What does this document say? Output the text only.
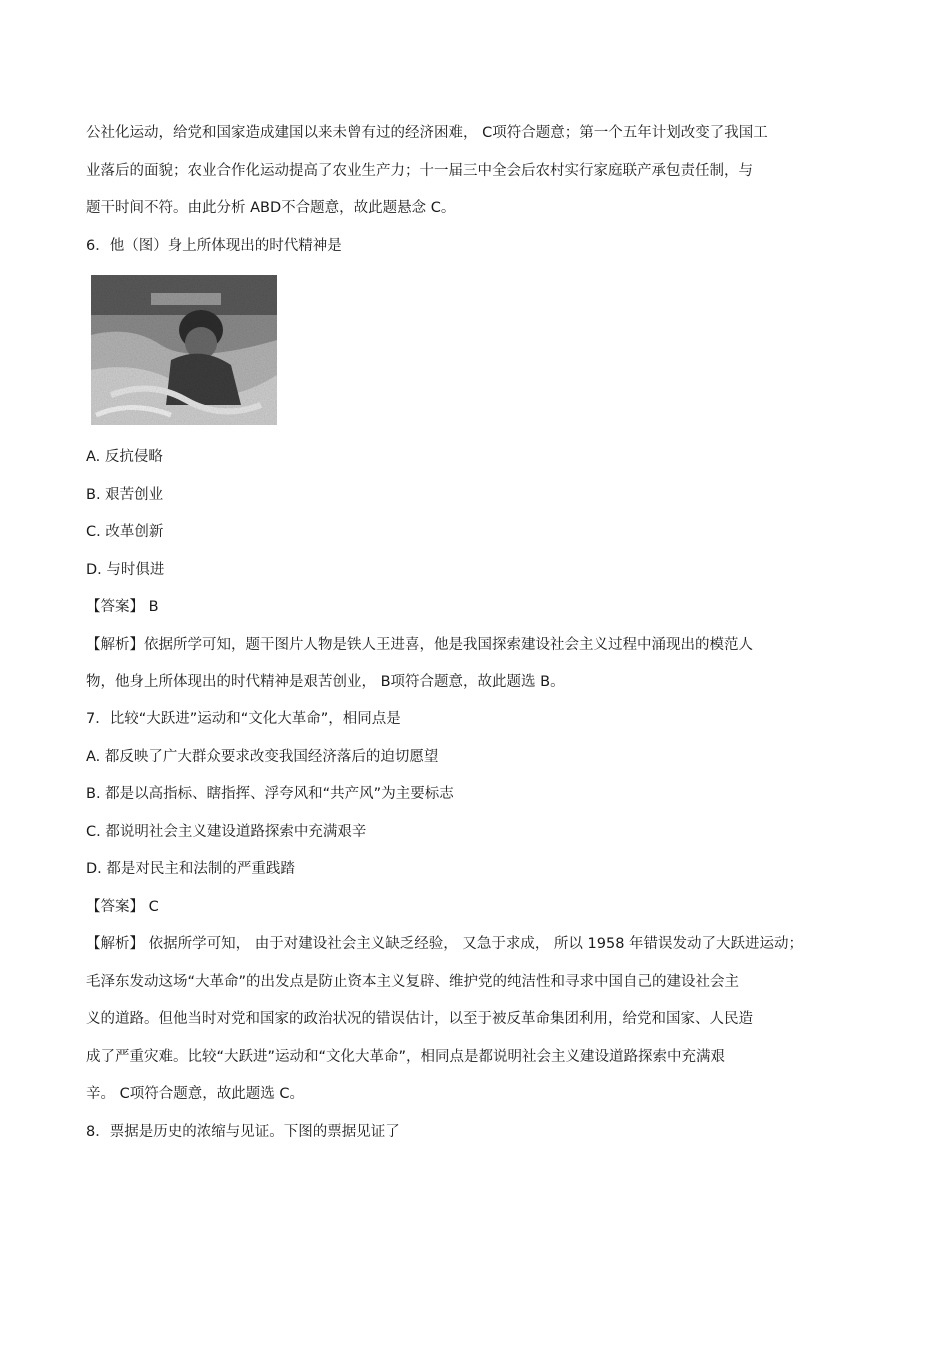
公社化运动，给党和国家造成建国以来未曾有过的经济困难， C项符合题意；第一个五年计划改变了我国工

业落后的面貌；农业合作化运动提高了农业生产力；十一届三中全会后农村实行家庭联产承包责任制，与

题干时间不符。由此分析 ABD不合题意，故此题悬念 C。

6．他（图）身上所体现出的时代精神是

A. 反抗侵略

B. 艰苦创业

C. 改革创新

D. 与时俱进

【答案】 B

【解析】依据所学可知，题干图片人物是铁人王进喜，他是我国探索建设社会主义过程中涌现出的模范人

物，他身上所体现出的时代精神是艰苦创业， B项符合题意，故此题选 B。

7．比较“大跃进”运动和“文化大革命”，相同点是

A. 都反映了广大群众要求改变我国经济落后的迫切愿望

B. 都是以高指标、瞎指挥、浮夸风和“共产风”为主要标志

C. 都说明社会主义建设道路探索中充满艰辛

D. 都是对民主和法制的严重践踏

【答案】 C

【解析】 依据所学可知， 由于对建设社会主义缺乏经验， 又急于求成， 所以 1958 年错误发动了大跃进运动；

毛泽东发动这场“大革命”的出发点是防止资本主义复辟、维护党的纯洁性和寻求中国自己的建设社会主

义的道路。但他当时对党和国家的政治状况的错误估计，以至于被反革命集团利用，给党和国家、人民造

成了严重灾难。比较“大跃进”运动和“文化大革命”，相同点是都说明社会主义建设道路探索中充满艰

辛。 C项符合题意，故此题选 C。

8．票据是历史的浓缩与见证。下图的票据见证了
